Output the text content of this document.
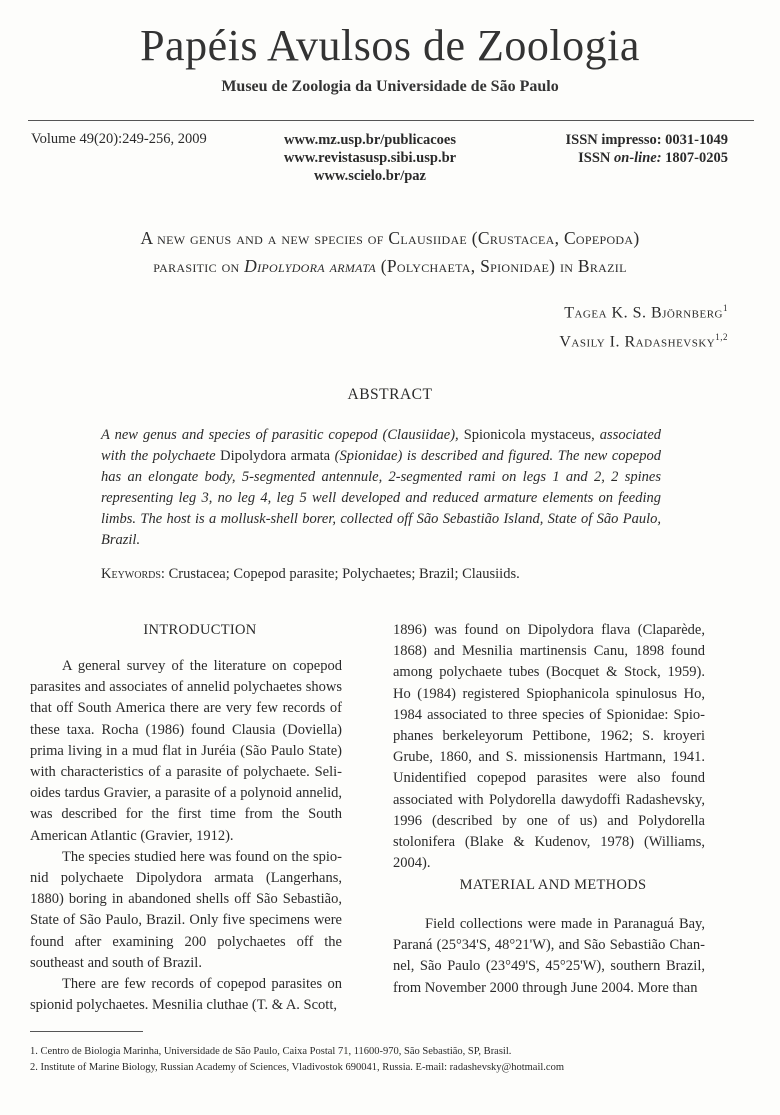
Papéis Avulsos de Zoologia
Museu de Zoologia da Universidade de São Paulo
Volume 49(20):249-256, 2009	www.mz.usp.br/publicacoes
www.revistasusp.sibi.usp.br
www.scielo.br/paz
ISSN impresso: 0031-1049
ISSN on-line: 1807-0205
A new genus and a new species of Clausiidae (Crustacea, Copepoda)
parasitic on Dipolydora armata (Polychaeta, Spionidae) in Brazil
Tagea K. S. Björnberg$^1$
Vasily I. Radashevsky$^{1,2}$
ABSTRACT
A new genus and species of parasitic copepod (Clausiidae), Spionicola mystaceus, associated with the polychaete Dipolydora armata (Spionidae) is described and figured. The new copepod has an elongate body, 5-segmented antennule, 2-segmented rami on legs 1 and 2, 2 spines representing leg 3, no leg 4, leg 5 well developed and reduced armature elements on feeding limbs. The host is a mollusk-shell borer, collected off São Sebastião Island, State of São Paulo, Brazil.
Keywords: Crustacea; Copepod parasite; Polychaetes; Brazil; Clausiids.
INTRODUCTION

A general survey of the literature on copepod parasites and associates of annelid polychaetes shows that off South America there are very few records of these taxa. Rocha (1986) found Clausia (Doviella) prima living in a mud flat in Juréia (São Paulo State) with characteristics of a parasite of polychaete. Selioides tardus Gravier, a parasite of a polynoid annelid, was described for the first time from the South American Atlantic (Gravier, 1912).

The species studied here was found on the spionid polychaete Dipolydora armata (Langerhans, 1880) boring in abandoned shells off São Sebastião, State of São Paulo, Brazil. Only five specimens were found after examining 200 polychaetes off the southeast and south of Brazil.

There are few records of copepod parasites on spionid polychaetes. Mesnilia cluthae (T. & A. Scott,

1896) was found on Dipolydora flava (Claparède, 1868) and Mesnilia martinensis Canu, 1898 found among polychaete tubes (Bocquet & Stock, 1959). Ho (1984) registered Spiophanicola spinulosus Ho, 1984 associated to three species of Spionidae: Spiophanes berkeleyorum Pettibone, 1962; S. kroyeri Grube, 1860, and S. missionensis Hartmann, 1941. Unidentified copepod parasites were also found associated with Polydorella dawydoffi Radashevsky, 1996 (described by one of us) and Polydorella stolonifera (Blake & Kudenov, 1978) (Williams, 2004).

MATERIAL AND METHODS

Field collections were made in Paranaguá Bay, Paraná (25°34'S, 48°21'W), and São Sebastião Channel, São Paulo (23°49'S, 45°25'W), southern Brazil, from November 2000 through June 2004. More than

1. Centro de Biologia Marinha, Universidade de São Paulo, Caixa Postal 71, 11600-970, São Sebastião, SP, Brasil.
2. Institute of Marine Biology, Russian Academy of Sciences, Vladivostok 690041, Russia. E-mail: radashevsky@hotmail.com
